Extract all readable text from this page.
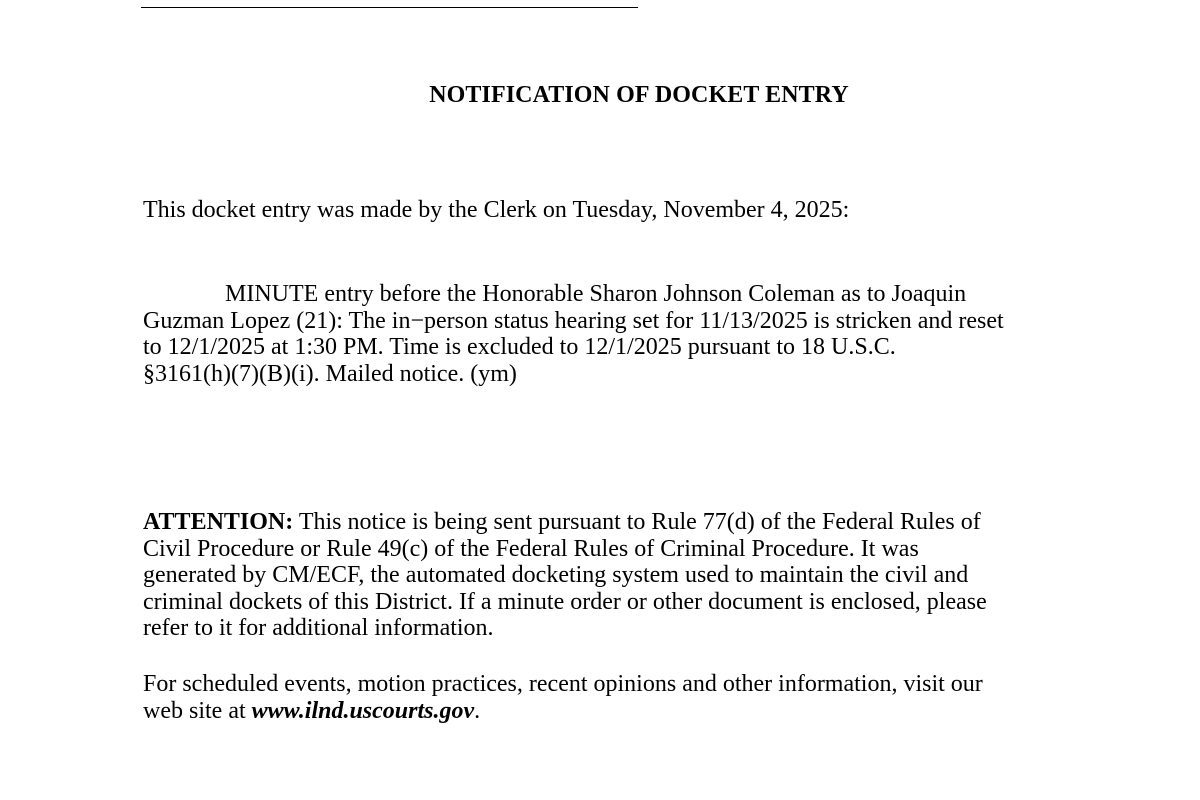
NOTIFICATION OF DOCKET ENTRY
This docket entry was made by the Clerk on Tuesday, November 4, 2025:
MINUTE entry before the Honorable Sharon Johnson Coleman as to Joaquin
Guzman Lopez (21): The in−person status hearing set for 11/13/2025 is stricken and reset
to 12/1/2025 at 1:30 PM. Time is excluded to 12/1/2025 pursuant to 18 U.S.C.
§3161(h)(7)(B)(i). Mailed notice. (ym)
ATTENTION: This notice is being sent pursuant to Rule 77(d) of the Federal Rules of
Civil Procedure or Rule 49(c) of the Federal Rules of Criminal Procedure. It was
generated by CM/ECF, the automated docketing system used to maintain the civil and
criminal dockets of this District. If a minute order or other document is enclosed, please
refer to it for additional information.
For scheduled events, motion practices, recent opinions and other information, visit our
web site at www.ilnd.uscourts.gov.
